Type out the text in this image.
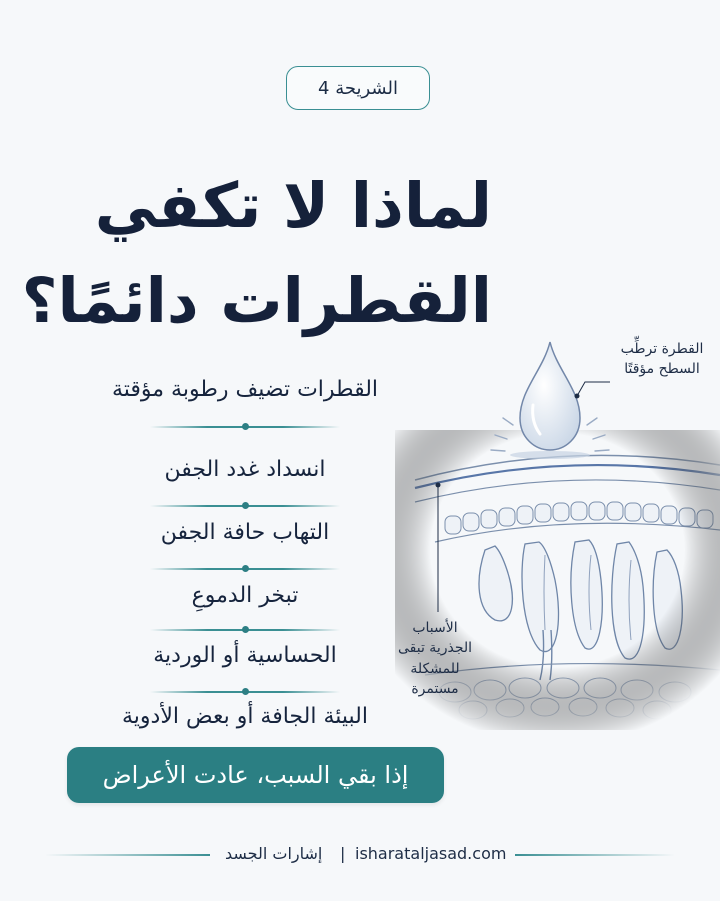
الشريحة 4
لماذا لا تكفي
القطرات دائمًا؟
القطرات تضيف رطوبة مؤقتة
انسداد غدد الجفن
التهاب حافة الجفن
تبخر الدموعِ
الحساسية أو الوردية
البيئة الجافة أو بعض الأدوية
إذا بقي السبب، عادت الأعراض
القطرة ترطِّب
السطح مؤقتًا
الأسباب
الجذرية تبقى
للمشكلة
مستمرة
إشارات الجسد | isharataljasad.com
